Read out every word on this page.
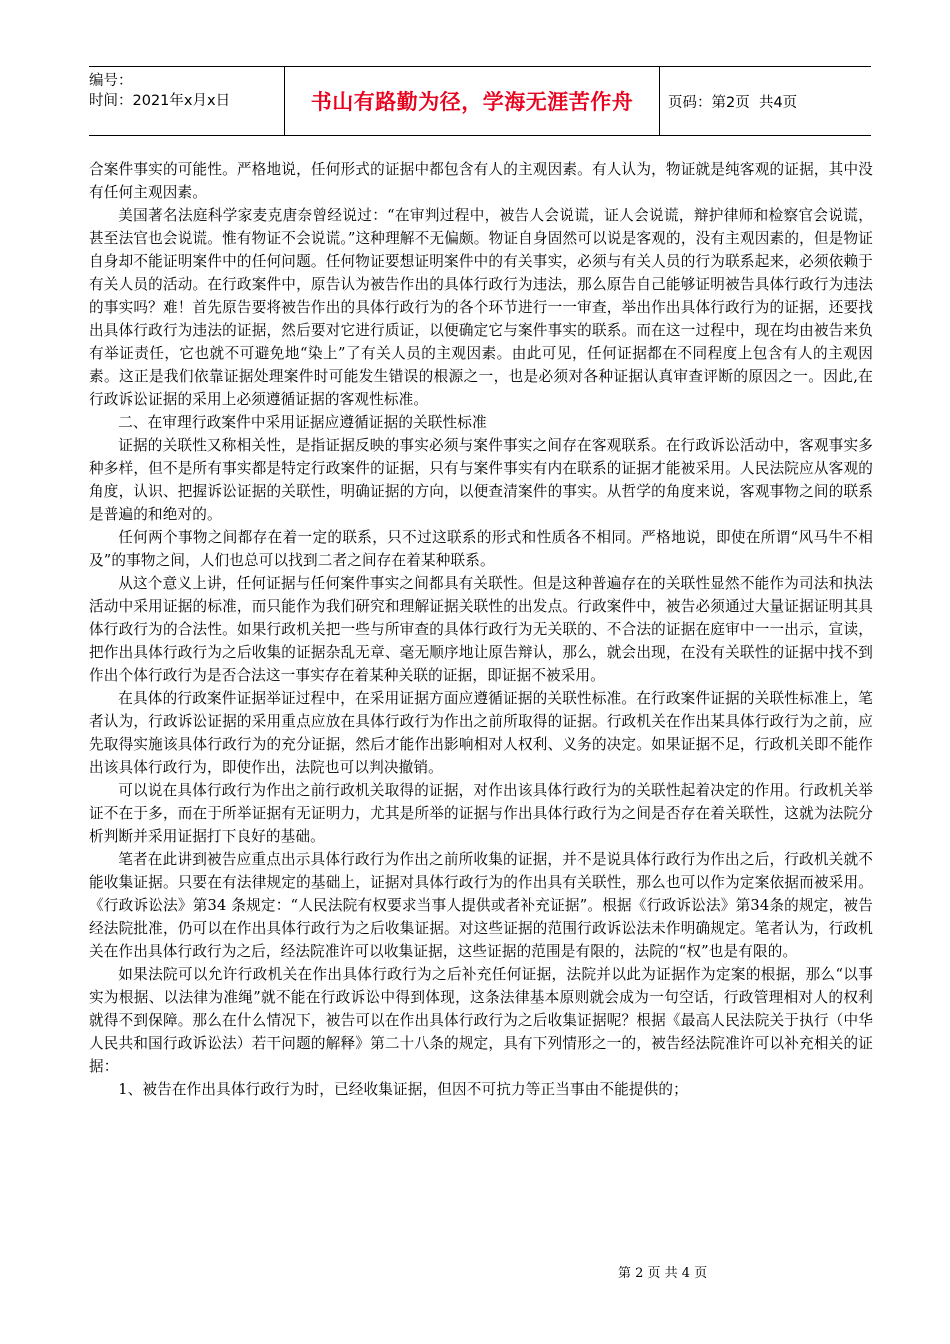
编号：
时间：2021年x月x日	书山有路勤为径，学海无涯苦作舟	页码：第2页  共4页

合案件事实的可能性。严格地说，任何形式的证据中都包含有人的主观因素。有人认为，物证就是纯客观的证据，其中没有任何主观因素。

美国著名法庭科学家麦克唐奈曾经说过：“在审判过程中，被告人会说谎，证人会说谎，辩护律师和检察官会说谎，甚至法官也会说谎。惟有物证不会说谎。”这种理解不无偏颇。物证自身固然可以说是客观的，没有主观因素的，但是物证自身却不能证明案件中的任何问题。任何物证要想证明案件中的有关事实，必须与有关人员的行为联系起来，必须依赖于有关人员的活动。在行政案件中，原告认为被告作出的具体行政行为违法，那么原告自己能够证明被告具体行政行为违法的事实吗？难！首先原告要将被告作出的具体行政行为的各个环节进行一一审查，举出作出具体行政行为的证据，还要找出具体行政行为违法的证据，然后要对它进行质证，以便确定它与案件事实的联系。而在这一过程中，现在均由被告来负有举证责任，它也就不可避免地“染上”了有关人员的主观因素。由此可见，任何证据都在不同程度上包含有人的主观因素。这正是我们依靠证据处理案件时可能发生错误的根源之一，也是必须对各种证据认真审查评断的原因之一。因此,在行政诉讼证据的采用上必须遵循证据的客观性标准。

二、在审理行政案件中采用证据应遵循证据的关联性标准

证据的关联性又称相关性，是指证据反映的事实必须与案件事实之间存在客观联系。在行政诉讼活动中，客观事实多种多样，但不是所有事实都是特定行政案件的证据，只有与案件事实有内在联系的证据才能被采用。人民法院应从客观的角度，认识、把握诉讼证据的关联性，明确证据的方向，以便查清案件的事实。从哲学的角度来说，客观事物之间的联系是普遍的和绝对的。

任何两个事物之间都存在着一定的联系，只不过这联系的形式和性质各不相同。严格地说，即使在所谓“风马牛不相及”的事物之间，人们也总可以找到二者之间存在着某种联系。

从这个意义上讲，任何证据与任何案件事实之间都具有关联性。但是这种普遍存在的关联性显然不能作为司法和执法活动中采用证据的标准，而只能作为我们研究和理解证据关联性的出发点。行政案件中，被告必须通过大量证据证明其具体行政行为的合法性。如果行政机关把一些与所审查的具体行政行为无关联的、不合法的证据在庭审中一一出示，宣读，把作出具体行政行为之后收集的证据杂乱无章、毫无顺序地让原告辩认，那么，就会出现，在没有关联性的证据中找不到作出个体行政行为是否合法这一事实存在着某种关联的证据，即证据不被采用。

在具体的行政案件证据举证过程中，在采用证据方面应遵循证据的关联性标准。在行政案件证据的关联性标准上，笔者认为，行政诉讼证据的采用重点应放在具体行政行为作出之前所取得的证据。行政机关在作出某具体行政行为之前，应先取得实施该具体行政行为的充分证据，然后才能作出影响相对人权利、义务的决定。如果证据不足，行政机关即不能作出该具体行政行为，即使作出，法院也可以判决撤销。

可以说在具体行政行为作出之前行政机关取得的证据，对作出该具体行政行为的关联性起着决定的作用。行政机关举证不在于多，而在于所举证据有无证明力，尤其是所举的证据与作出具体行政行为之间是否存在着关联性，这就为法院分析判断并采用证据打下良好的基础。

笔者在此讲到被告应重点出示具体行政行为作出之前所收集的证据，并不是说具体行政行为作出之后，行政机关就不能收集证据。只要在有法律规定的基础上，证据对具体行政行为的作出具有关联性，那么也可以作为定案依据而被采用。《行政诉讼法》第34 条规定：“人民法院有权要求当事人提供或者补充证据”。根据《行政诉讼法》第34条的规定，被告经法院批准，仍可以在作出具体行政行为之后收集证据。对这些证据的范围行政诉讼法未作明确规定。笔者认为，行政机关在作出具体行政行为之后，经法院准许可以收集证据，这些证据的范围是有限的，法院的“权”也是有限的。

如果法院可以允许行政机关在作出具体行政行为之后补充任何证据，法院并以此为证据作为定案的根据，那么“以事实为根据、以法律为准绳”就不能在行政诉讼中得到体现，这条法律基本原则就会成为一句空话，行政管理相对人的权利就得不到保障。那么在什么情况下，被告可以在作出具体行政行为之后收集证据呢？根据《最高人民法院关于执行（中华人民共和国行政诉讼法）若干问题的解释》第二十八条的规定，具有下列情形之一的，被告经法院准许可以补充相关的证据：

1、被告在作出具体行政行为时，已经收集证据，但因不可抗力等正当事由不能提供的；

第 2 页 共 4 页
